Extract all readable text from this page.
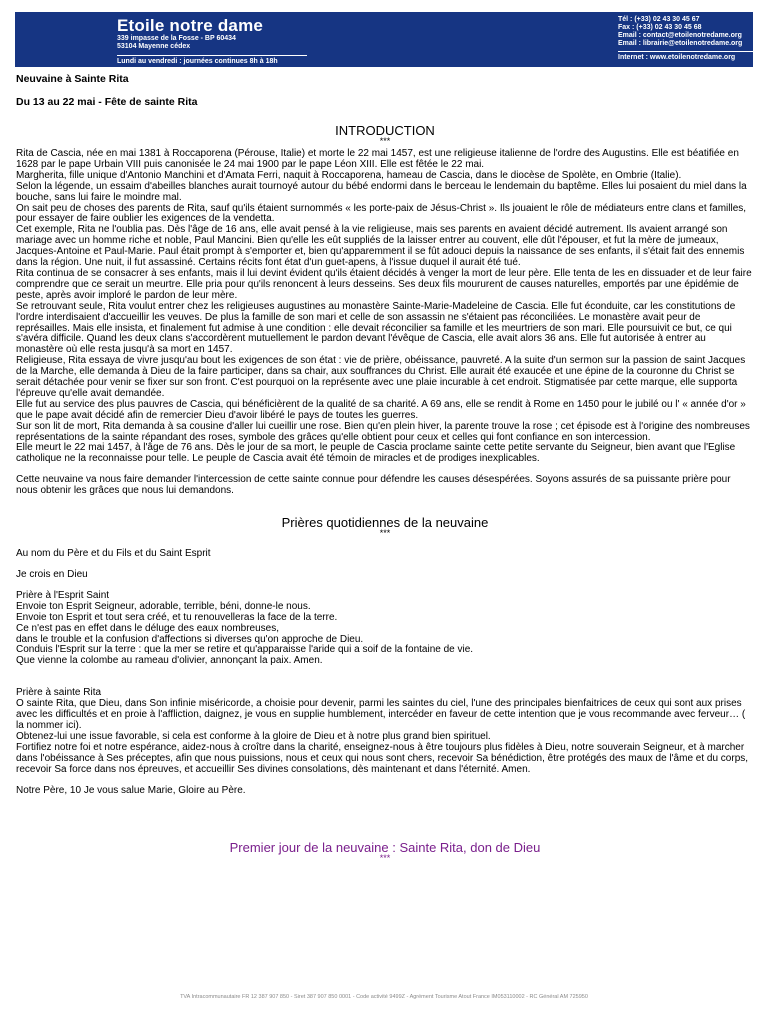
Etoile notre dame
339 impasse de la Fosse - BP 60434
53104 Mayenne cédex
Lundi au vendredi : journées continues 8h à 18h
Tél : (+33) 02 43 30 45 67
Fax : (+33) 02 43 30 45 68
Email : contact@etoilenotredame.org
Email : librairie@etoilenotredame.org
Internet : www.etoilenotredame.org
Neuvaine à Sainte Rita
Du 13 au 22 mai - Fête de sainte Rita
INTRODUCTION
***

Rita de Cascia, née en mai 1381 à Roccaporena (Pérouse, Italie) et morte le 22 mai 1457, est une religieuse italienne de l'ordre des Augustins. Elle est béatifiée en 1628 par le pape Urbain VIII puis canonisée le 24 mai 1900 par le pape Léon XIII. Elle est fêtée le 22 mai.

Margherita, fille unique d'Antonio Manchini et d'Amata Ferri, naquit à Roccaporena, hameau de Cascia, dans le diocèse de Spolète, en Ombrie (Italie).

Selon la légende, un essaim d'abeilles blanches aurait tournoyé autour du bébé endormi dans le berceau le lendemain du baptême. Elles lui posaient du miel dans la bouche, sans lui faire le moindre mal.

On sait peu de choses des parents de Rita, sauf qu'ils étaient surnommés « les porte-paix de Jésus-Christ ». Ils jouaient le rôle de médiateurs entre clans et familles, pour essayer de faire oublier les exigences de la vendetta.

Cet exemple, Rita ne l'oublia pas. Dès l'âge de 16 ans, elle avait pensé à la vie religieuse, mais ses parents en avaient décidé autrement. Ils avaient arrangé son mariage avec un homme riche et noble, Paul Mancini. Bien qu'elle les eût suppliés de la laisser entrer au couvent, elle dût l'épouser, et fut la mère de jumeaux, Jacques-Antoine et Paul-Marie. Paul était prompt à s'emporter et, bien qu'apparemment il se fût adouci depuis la naissance de ses enfants, il s'était fait des ennemis dans la région. Une nuit, il fut assassiné. Certains récits font état d'un guet-apens, à l'issue duquel il aurait été tué.

Rita continua de se consacrer à ses enfants, mais il lui devint évident qu'ils étaient décidés à venger la mort de leur père. Elle tenta de les en dissuader et de leur faire comprendre que ce serait un meurtre. Elle pria pour qu'ils renoncent à leurs desseins. Ses deux fils moururent de causes naturelles, emportés par une épidémie de peste, après avoir imploré le pardon de leur mère.

Se retrouvant seule, Rita voulut entrer chez les religieuses augustines au monastère Sainte-Marie-Madeleine de Cascia. Elle fut éconduite, car les constitutions de l'ordre interdisaient d'accueillir les veuves. De plus la famille de son mari et celle de son assassin ne s'étaient pas réconciliées. Le monastère avait peur de représailles. Mais elle insista, et finalement fut admise à une condition : elle devait réconcilier sa famille et les meurtriers de son mari. Elle poursuivit ce but, ce qui s'avéra difficile. Quand les deux clans s'accordèrent mutuellement le pardon devant l'évêque de Cascia, elle avait alors 36 ans. Elle fut autorisée à entrer au monastère où elle resta jusqu'à sa mort en 1457.

Religieuse, Rita essaya de vivre jusqu'au bout les exigences de son état : vie de prière, obéissance, pauvreté. A la suite d'un sermon sur la passion de saint Jacques de la Marche, elle demanda à Dieu de la faire participer, dans sa chair, aux souffrances du Christ. Elle aurait été exaucée et une épine de la couronne du Christ se serait détachée pour venir se fixer sur son front. C'est pourquoi on la représente avec une plaie incurable à cet endroit. Stigmatisée par cette marque, elle supporta l'épreuve qu'elle avait demandée.

Elle fut au service des plus pauvres de Cascia, qui bénéficièrent de la qualité de sa charité. A 69 ans, elle se rendit à Rome en 1450 pour le jubilé ou l' « année d'or » que le pape avait décidé afin de remercier Dieu d'avoir libéré le pays de toutes les guerres.

Sur son lit de mort, Rita demanda à sa cousine d'aller lui cueillir une rose. Bien qu'en plein hiver, la parente trouve la rose ; cet épisode est à l'origine des nombreuses représentations de la sainte répandant des roses, symbole des grâces qu'elle obtient pour ceux et celles qui font confiance en son intercession.

Elle meurt le 22 mai 1457, à l'âge de 76 ans. Dès le jour de sa mort, le peuple de Cascia proclame sainte cette petite servante du Seigneur, bien avant que l'Eglise catholique ne la reconnaisse pour telle. Le peuple de Cascia avait été témoin de miracles et de prodiges inexplicables.

Cette neuvaine va nous faire demander l'intercession de cette sainte connue pour défendre les causes désespérées. Soyons assurés de sa puissante prière pour nous obtenir les grâces que nous lui demandons.

Prières quotidiennes de la neuvaine
***

Au nom du Père et du Fils et du Saint Esprit

Je crois en Dieu

Prière à l'Esprit Saint

Envoie ton Esprit Seigneur, adorable, terrible, béni, donne-le nous.

Envoie ton Esprit et tout sera créé, et tu renouvelleras la face de la terre.

Ce n'est pas en effet dans le déluge des eaux nombreuses,

dans le trouble et la confusion d'affections si diverses qu'on approche de Dieu.

Conduis l'Esprit sur la terre : que la mer se retire et qu'apparaisse l'aride qui a soif de la fontaine de vie.

Que vienne la colombe au rameau d'olivier, annonçant la paix. Amen.

Prière à sainte Rita

O sainte Rita, que Dieu, dans Son infinie miséricorde, a choisie pour devenir, parmi les saintes du ciel, l'une des principales bienfaitrices de ceux qui sont aux prises avec les difficultés et en proie à l'affliction, daignez, je vous en supplie humblement, intercéder en faveur de cette intention que je vous recommande avec ferveur… ( la nommer ici).

Obtenez-lui une issue favorable, si cela est conforme à la gloire de Dieu et à notre plus grand bien spirituel.

Fortifiez notre foi et notre espérance, aidez-nous à croître dans la charité, enseignez-nous à être toujours plus fidèles à Dieu, notre souverain Seigneur, et à marcher dans l'obéissance à Ses préceptes, afin que nous puissions, nous et ceux qui nous sont chers, recevoir Sa bénédiction, être protégés des maux de l'âme et du corps, recevoir Sa force dans nos épreuves, et accueillir Ses divines consolations, dès maintenant et dans l'éternité. Amen.

Notre Père, 10 Je vous salue Marie, Gloire au Père.

Premier jour de la neuvaine : Sainte Rita, don de Dieu
***
TVA Intracommunautaire FR 12 387 907 850 - Siret 387 907 850 0001 - Code activité 9499Z - Agrément Tourisme Atout France IM053110002 - RC Général AM 725950
